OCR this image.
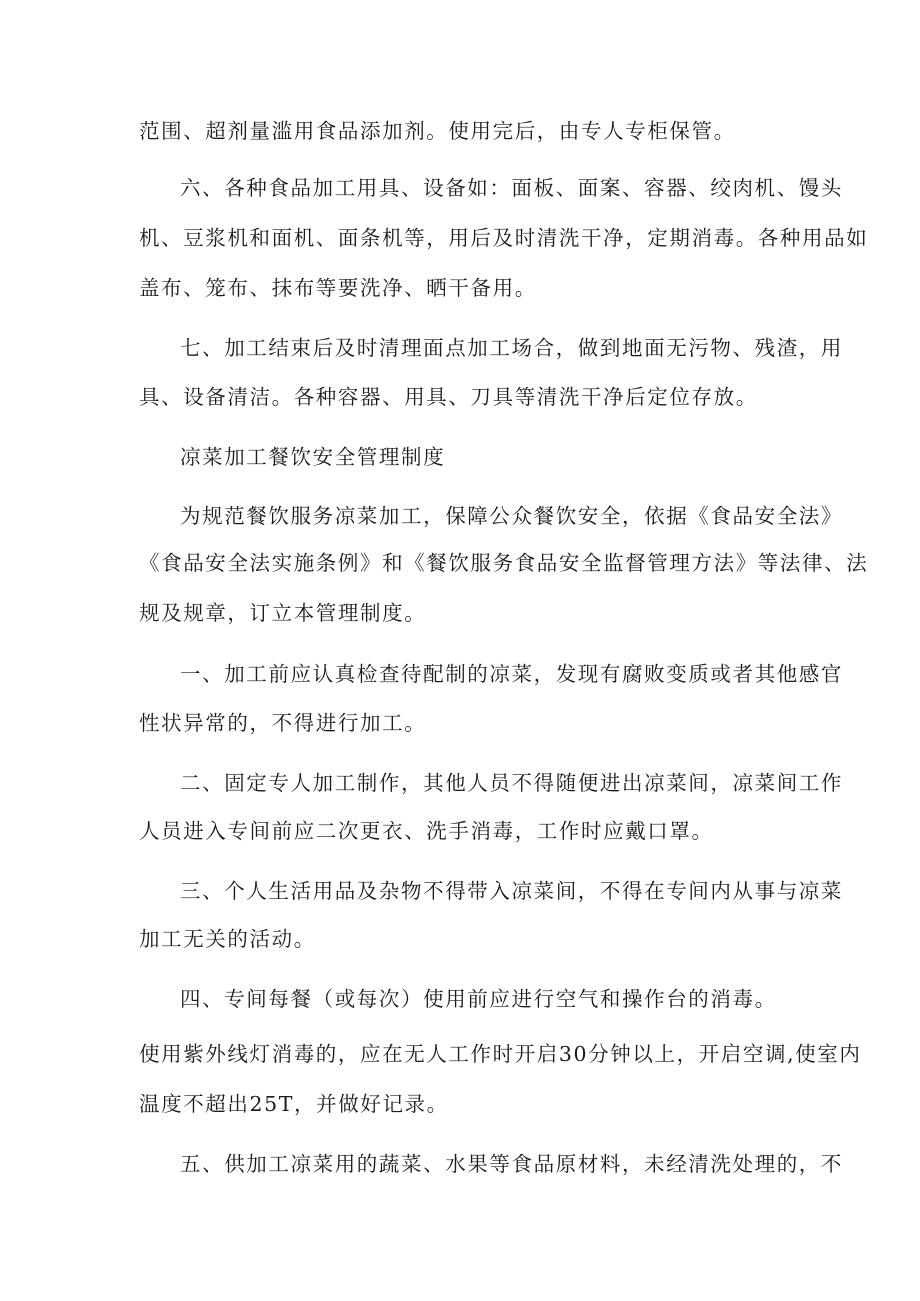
范围、超剂量滥用食品添加剂。使用完后，由专人专柜保管。
六、各种食品加工用具、设备如：面板、面案、容器、绞肉机、馒头
机、豆浆机和面机、面条机等，用后及时清洗干净，定期消毒。各种用品如
盖布、笼布、抹布等要洗净、晒干备用。
七、加工结束后及时清理面点加工场合，做到地面无污物、残渣，用
具、设备清洁。各种容器、用具、刀具等清洗干净后定位存放。
凉菜加工餐饮安全管理制度
为规范餐饮服务凉菜加工，保障公众餐饮安全，依据《食品安全法》
《食品安全法实施条例》和《餐饮服务食品安全监督管理方法》等法律、法
规及规章，订立本管理制度。
一、加工前应认真检查待配制的凉菜，发现有腐败变质或者其他感官
性状异常的，不得进行加工。
二、固定专人加工制作，其他人员不得随便进出凉菜间，凉菜间工作
人员进入专间前应二次更衣、洗手消毒，工作时应戴口罩。
三、个人生活用品及杂物不得带入凉菜间，不得在专间内从事与凉菜
加工无关的活动。
四、专间每餐（或每次）使用前应进行空气和操作台的消毒。
使用紫外线灯消毒的，应在无人工作时开启30分钟以上，开启空调,使室内
温度不超出25T，并做好记录。
五、供加工凉菜用的蔬菜、水果等食品原材料，未经清洗处理的，不
